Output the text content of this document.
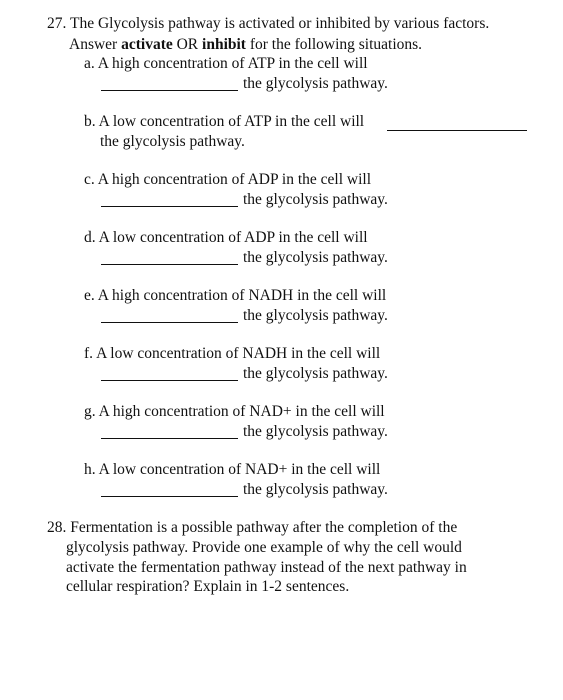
27. The Glycolysis pathway is activated or inhibited by various factors.
Answer activate OR inhibit for the following situations.
a. A high concentration of ATP in the cell will
the glycolysis pathway.
b. A low concentration of ATP in the cell will
the glycolysis pathway.
c. A high concentration of ADP in the cell will
the glycolysis pathway.
d. A low concentration of ADP in the cell will
the glycolysis pathway.
e. A high concentration of NADH in the cell will
the glycolysis pathway.
f. A low concentration of NADH in the cell will
the glycolysis pathway.
g. A high concentration of NAD+ in the cell will
the glycolysis pathway.
h. A low concentration of NAD+ in the cell will
the glycolysis pathway.
28. Fermentation is a possible pathway after the completion of the
glycolysis pathway. Provide one example of why the cell would
activate the fermentation pathway instead of the next pathway in
cellular respiration? Explain in 1-2 sentences.
